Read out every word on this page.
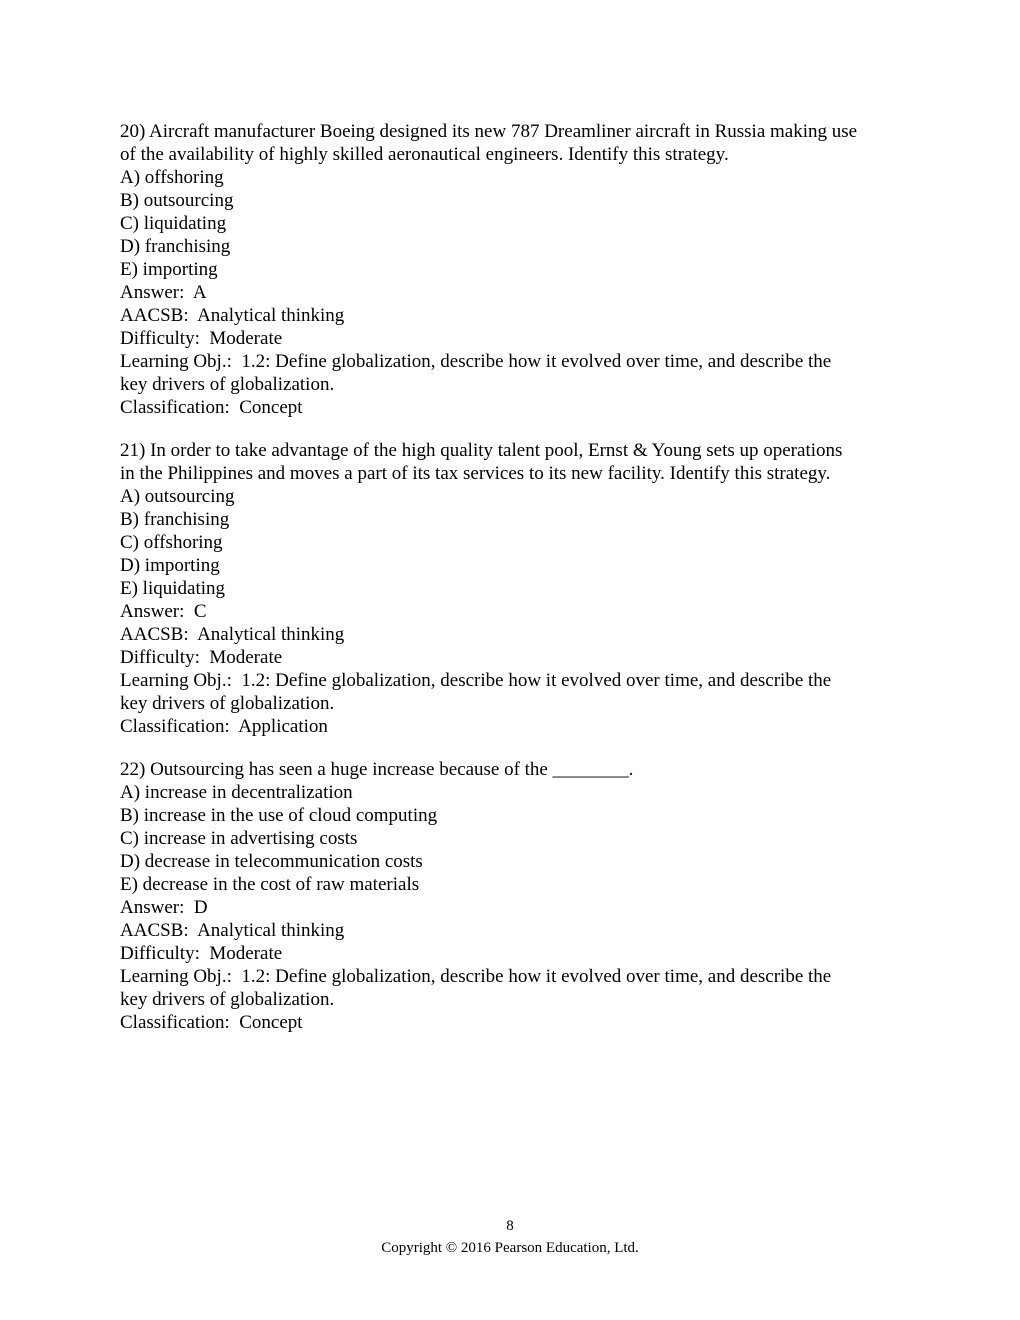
20) Aircraft manufacturer Boeing designed its new 787 Dreamliner aircraft in Russia making use
of the availability of highly skilled aeronautical engineers. Identify this strategy.
A) offshoring
B) outsourcing
C) liquidating
D) franchising
E) importing
Answer:  A
AACSB:  Analytical thinking
Difficulty:  Moderate
Learning Obj.:  1.2: Define globalization, describe how it evolved over time, and describe the
key drivers of globalization.
Classification:  Concept
21) In order to take advantage of the high quality talent pool, Ernst & Young sets up operations
in the Philippines and moves a part of its tax services to its new facility. Identify this strategy.
A) outsourcing
B) franchising
C) offshoring
D) importing
E) liquidating
Answer:  C
AACSB:  Analytical thinking
Difficulty:  Moderate
Learning Obj.:  1.2: Define globalization, describe how it evolved over time, and describe the
key drivers of globalization.
Classification:  Application
22) Outsourcing has seen a huge increase because of the ________.
A) increase in decentralization
B) increase in the use of cloud computing
C) increase in advertising costs
D) decrease in telecommunication costs
E) decrease in the cost of raw materials
Answer:  D
AACSB:  Analytical thinking
Difficulty:  Moderate
Learning Obj.:  1.2: Define globalization, describe how it evolved over time, and describe the
key drivers of globalization.
Classification:  Concept
8
Copyright © 2016 Pearson Education, Ltd.
